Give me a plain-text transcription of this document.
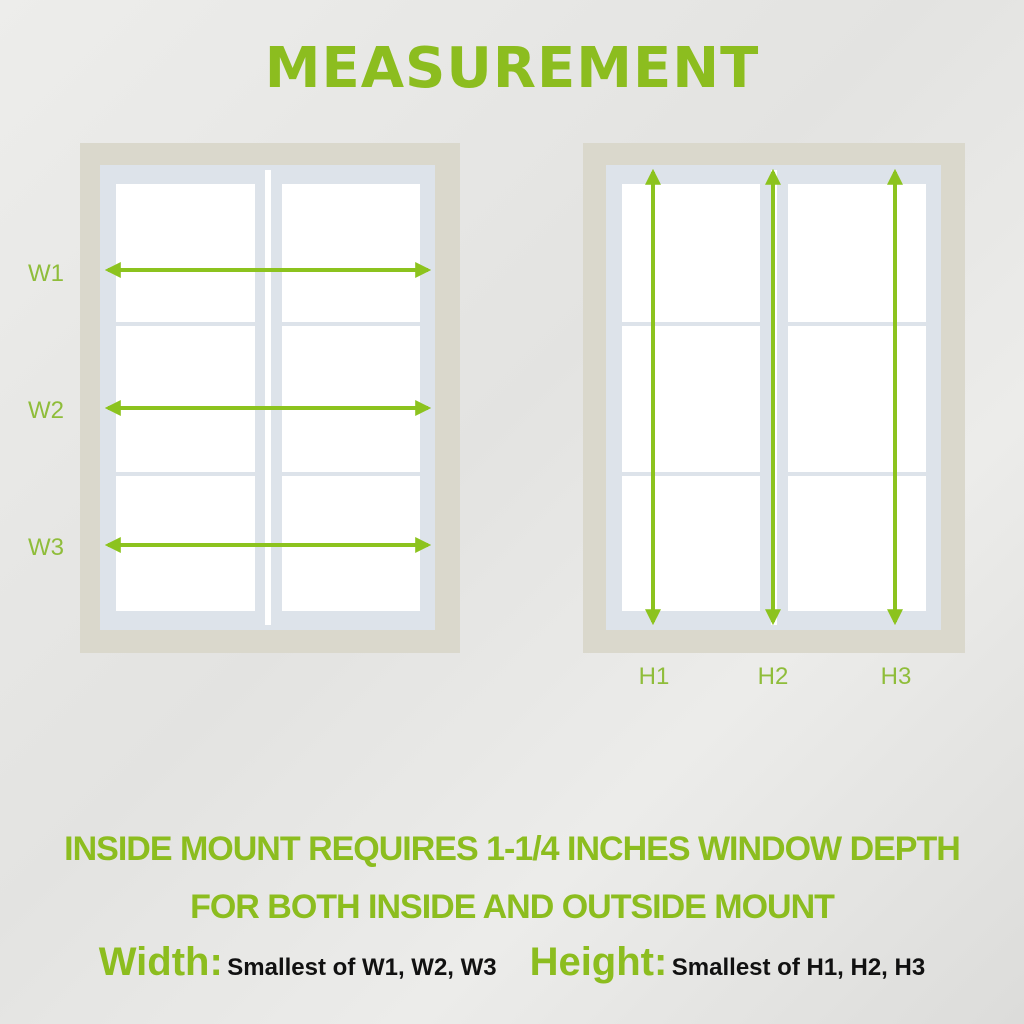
MEASUREMENT
W1
W2
W3
H1	H2	H3
INSIDE MOUNT REQUIRES 1-1/4 INCHES WINDOW DEPTH
FOR BOTH INSIDE AND OUTSIDE MOUNT
Width: Smallest of W1, W2, W3 Height: Smallest of H1, H2, H3
